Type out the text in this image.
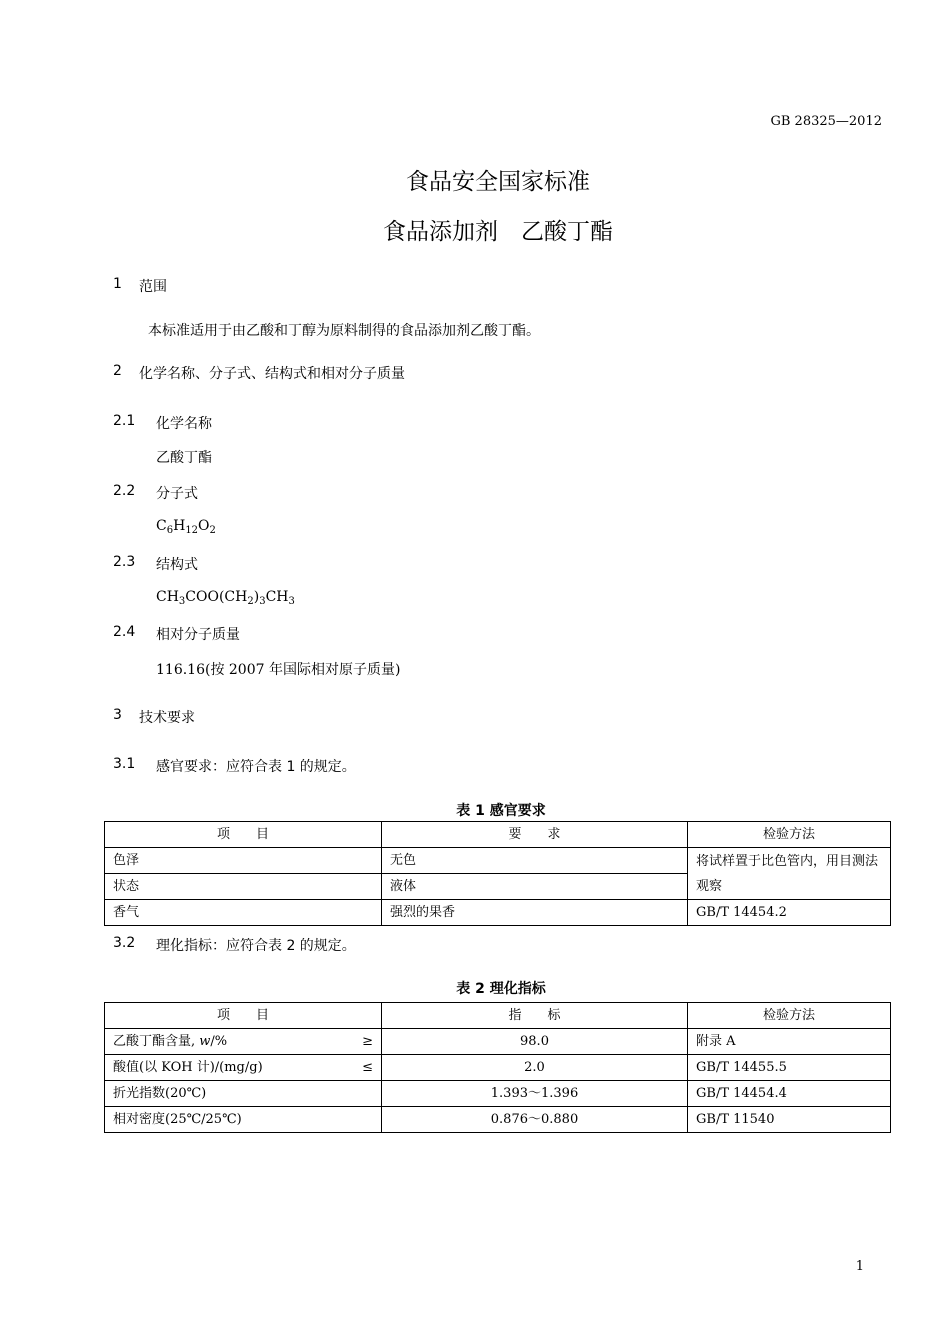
GB 28325—2012
食品安全国家标准
食品添加剂　乙酸丁酯
1 范围
本标准适用于由乙酸和丁醇为原料制得的食品添加剂乙酸丁酯。
2 化学名称、分子式、结构式和相对分子质量
2.1 化学名称
乙酸丁酯
2.2 分子式
$C_6H_{12}O_2$
2.3 结构式
$CH_3COO(CH_2)_3CH_3$
2.4 相对分子质量
116.16(按 2007 年国际相对原子质量)
3 技术要求
3.1 感官要求：应符合表 1 的规定。
表 1 感官要求
项　　目	要　　求	检验方法
色泽	无色	将试样置于比色管内，用目测法观察
状态	液体	
香气	强烈的果香	GB/T 14454.2
3.2 理化指标：应符合表 2 的规定。
表 2 理化指标
项　　目	指　　标	检验方法
乙酸丁酯含量, w/% ≥	98.0	附录 A
酸值(以 KOH 计)/(mg/g) ≤	2.0	GB/T 14455.5
折光指数(20℃)	1.393～1.396	GB/T 14454.4
相对密度(25℃/25℃)	0.876～0.880	GB/T 11540
1
